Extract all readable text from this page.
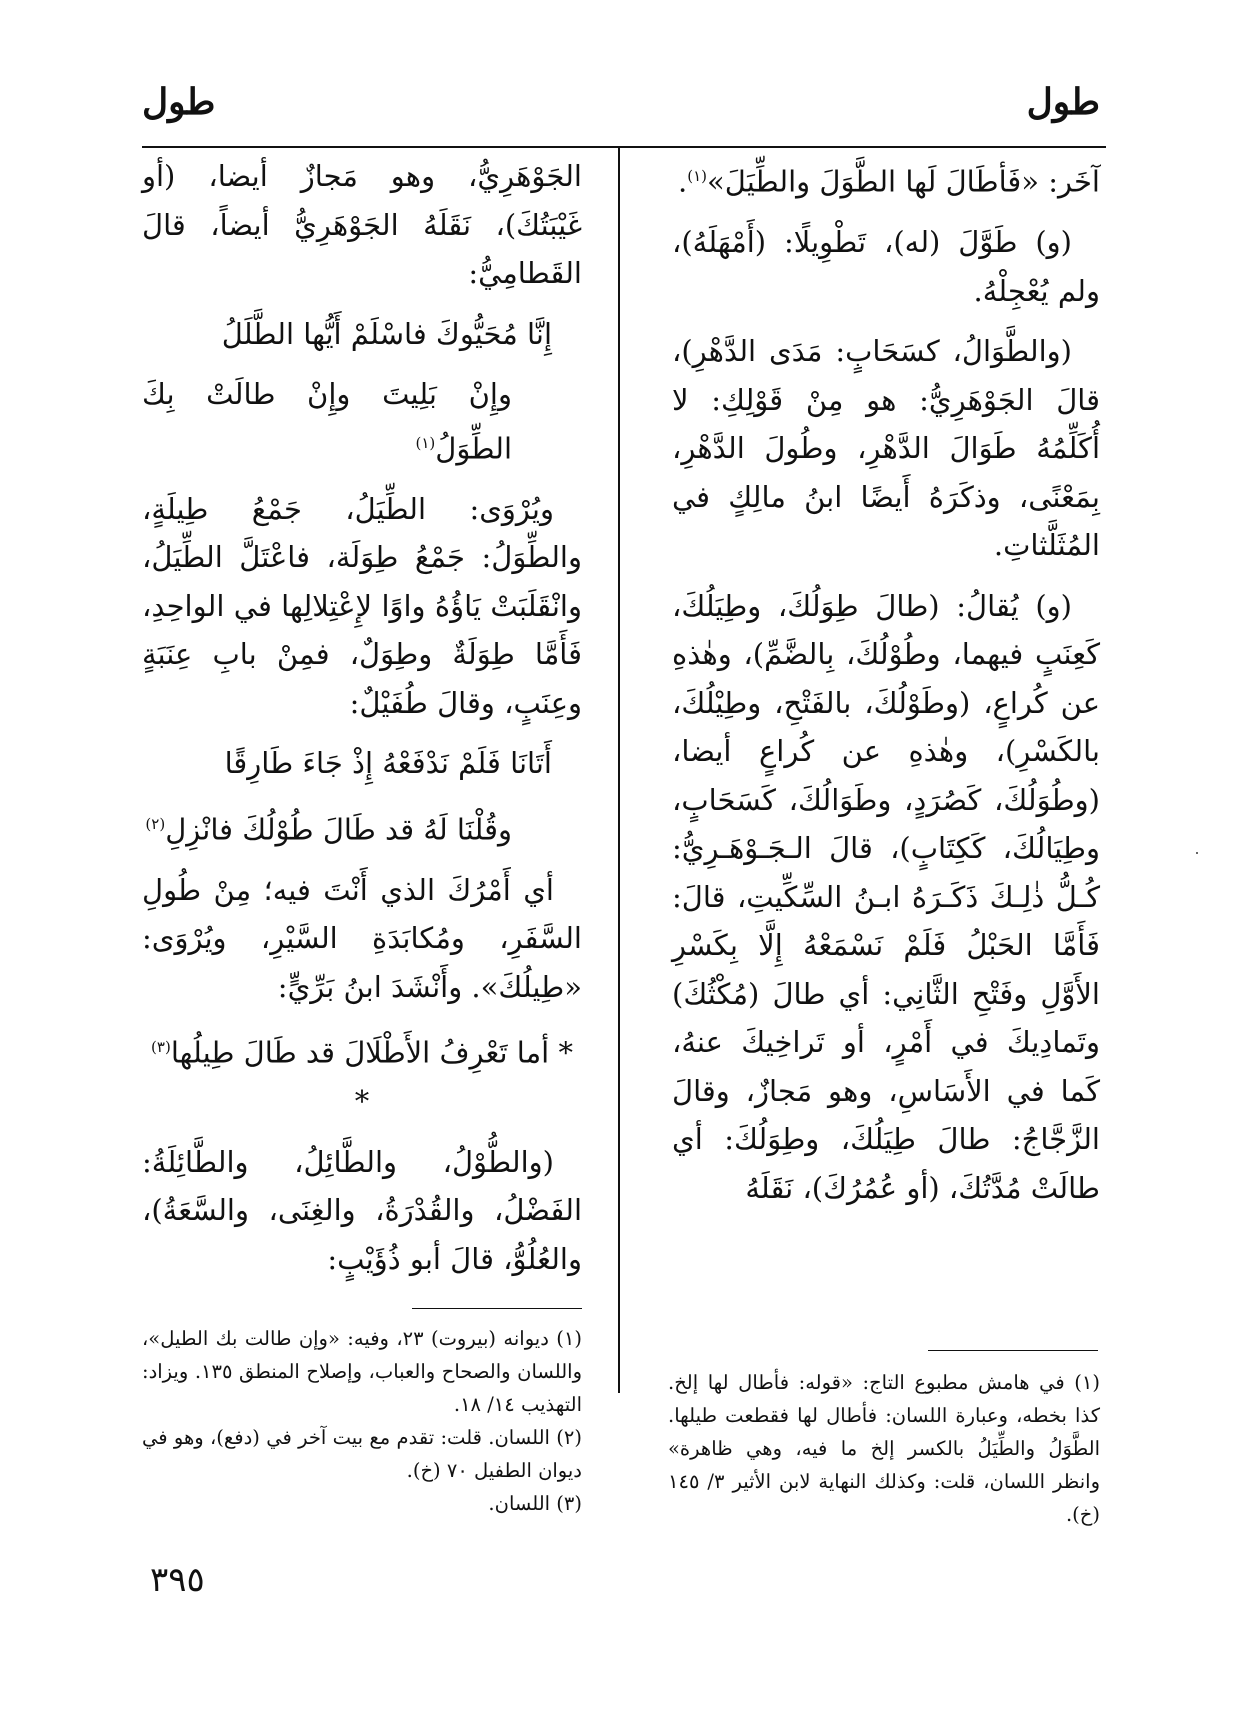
طول
طول

آخَر: «فَأطَالَ لَها الطَّوَلَ والطِّيَلَ»$^{(١)}$.

(و) طَوَّلَ (له)، تَطْوِيلًا: (أَمْهَلَهُ)، ولم يُعْجِلْهُ.

(والطَّوَالُ، كسَحَابٍ: مَدَى الدَّهْرِ)، قالَ الجَوْهَرِيُّ: هو مِنْ قَوْلِكِ: لا أُكَلِّمُهُ طَوَالَ الدَّهْرِ، وطُولَ الدَّهْرِ، بِمَعْنًى، وذكَرَهُ أَيضًا ابنُ مالِكٍ في المُثَلَّثاتِ.

(و) يُقالُ: (طالَ طِوَلُكَ، وطِيَلُكَ، كَعِنَبٍ فيهما، وطُوْلُكَ، بِالضَّمِّ)، وهٰذهِ عن كُراعٍ، (وطَوْلُكَ، بالفَتْحِ، وطِيْلُكَ، بالكَسْرِ)، وهٰذهِ عن كُراعٍ أيضا، (وطُوَلُكَ، كَصُرَدٍ، وطَوَالُكَ، كَسَحَابٍ، وطِيَالُكَ، كَكِتَابٍ)، قالَ الـجَـوْهَـرِيُّ: كُـلُّ ذٰلِـكَ ذَكَـرَهُ ابـنُ السِّكِّيتِ، قالَ: فَأَمَّا الحَبْلُ فَلَمْ نَسْمَعْهُ إِلَّا بِكَسْرِ الأَوَّلِ وفَتْحِ الثَّانِي: أي طالَ (مُكْثُكَ) وتَمادِيكَ في أَمْرٍ، أو تَراخِيكَ عنهُ، كَما في الأَسَاسِ، وهو مَجازٌ، وقالَ الزَّجَّاجُ: طالَ طِيَلُكَ، وطِوَلُكَ: أي طالَتْ مُدَّتُكَ، (أو عُمُرُكَ)، نَقَلَهُ

الجَوْهَرِيُّ، وهو مَجازٌ أيضا، (أو غَيْبَتُكَ)، نَقَلَهُ الجَوْهَرِيُّ أيضاً، قالَ القَطامِيُّ:

إِنَّا مُحَيُّوكَ فاسْلَمْ أَيُّها الطَّلَلُ

وإِنْ بَلِيتَ وإِنْ طالَتْ بِكَ الطِّوَلُ$^{(١)}$

ويُرْوَى: الطِّيَلُ، جَمْعُ طِيلَةٍ، والطِّوَلُ: جَمْعُ طِوَلَة، فاعْتَلَّ الطِّيَلُ، وانْقَلَبَتْ يَاؤُهُ واوًا لإِعْتِلالِها في الواحِدِ، فَأَمَّا طِوَلَةٌ وطِوَلٌ، فمِنْ بابِ عِنَبَةٍ وعِنَبٍ، وقالَ طُفَيْلٌ:

أَتَانَا فَلَمْ نَدْفَعْهُ إِذْ جَاءَ طَارِقًا

وقُلْنَا لَهُ قد طَالَ طُوْلُكَ فانْزِلِ$^{(٢)}$

أي أَمْرُكَ الذي أَنْتَ فيه؛ مِنْ طُولِ السَّفَرِ، ومُكابَدَةِ السَّيْرِ، ويُرْوَى: «طِيلُكَ». وأَنْشَدَ ابنُ بَرِّيٍّ:

* أما تَعْرِفُ الأَطْلَالَ قد طَالَ طِيلُها$^{(٣)}$ *

(والطُّوْلُ، والطَّائِلُ، والطَّائِلَةُ: الفَضْلُ، والقُدْرَةُ، والغِنَى، والسَّعَةُ)، والعُلُوُّ، قالَ أبو ذُؤَيْبٍ:

(١) في هامش مطبوع التاج: «قوله: فأطال لها إلخ. كذا بخطه، وعبارة اللسان: فأطال لها فقطعت طيلها. الطَّوَلُ والطِّيَلُ بالكسر إلخ ما فيه، وهي ظاهرة» وانظر اللسان، قلت: وكذلك النهاية لابن الأثير ٣/ ١٤٥ (خ).

(١) ديوانه (بيروت) ٢٣، وفيه: «وإن طالت بك الطيل»، واللسان والصحاح والعباب، وإصلاح المنطق ١٣٥. ويزاد: التهذيب ١٤/ ١٨.

(٢) اللسان. قلت: تقدم مع بيت آخر في (دفع)، وهو في ديوان الطفيل ٧٠ (خ).

(٣) اللسان.

٣٩٥
